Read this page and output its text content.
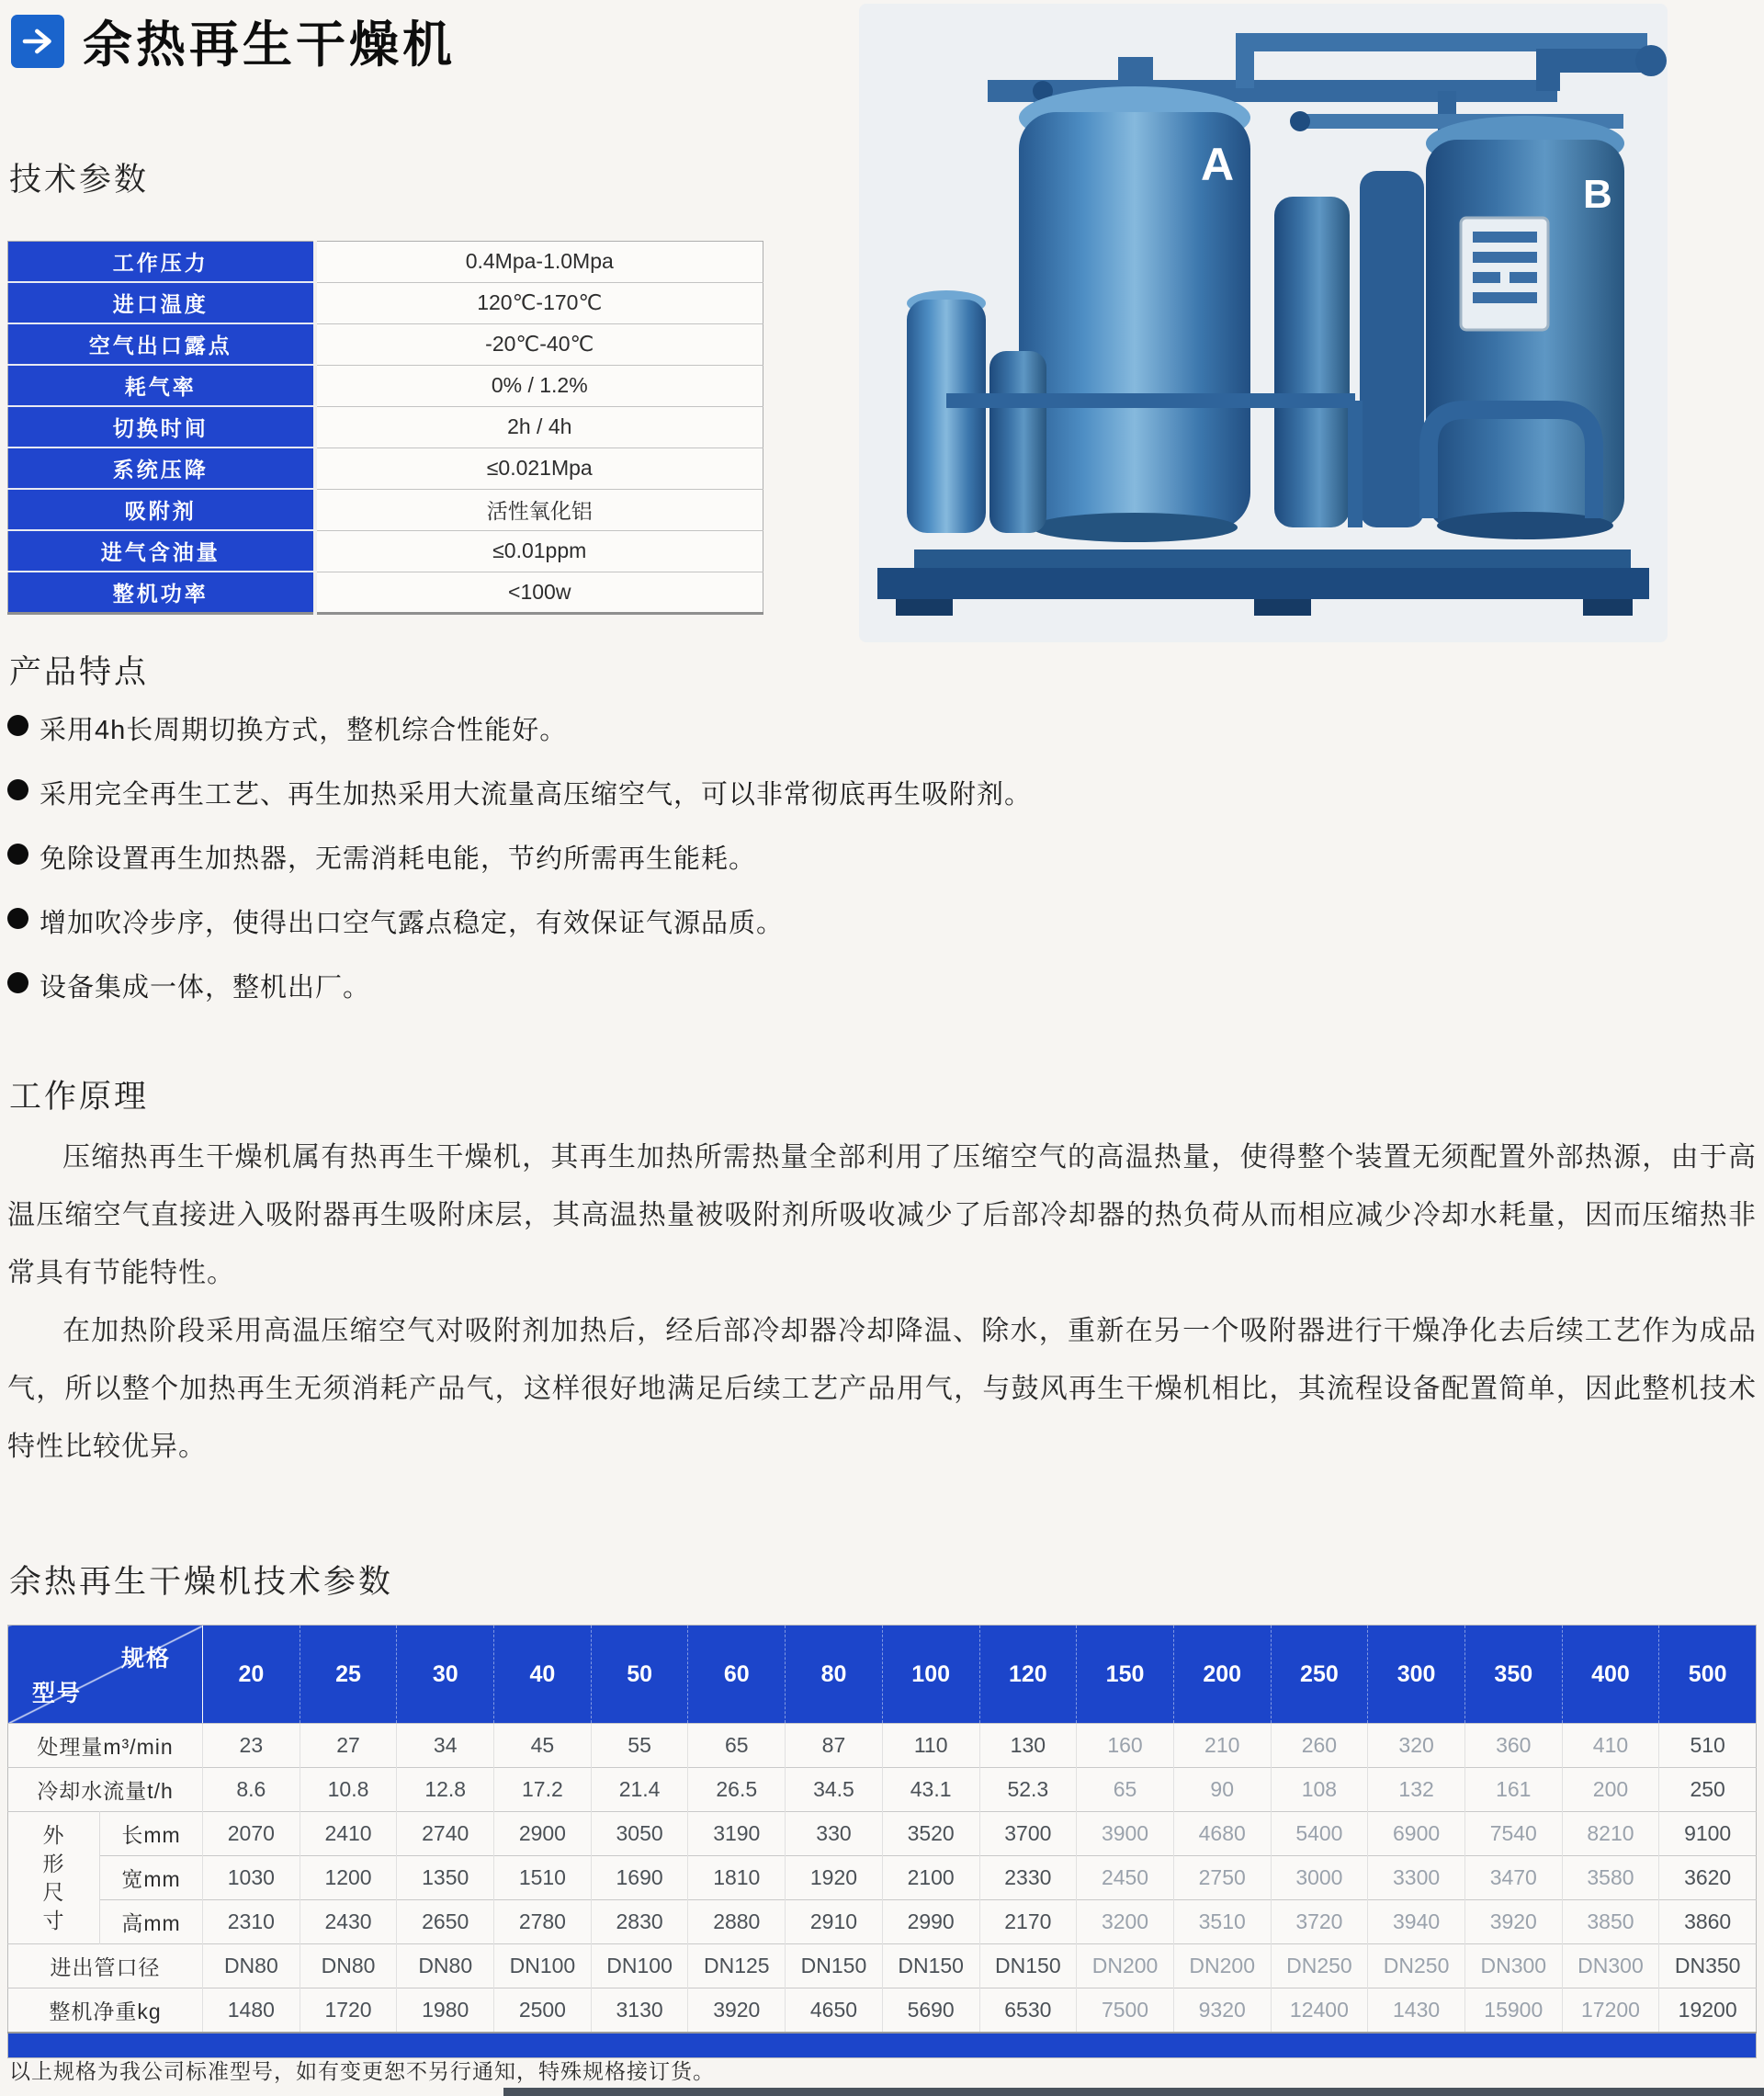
余热再生干燥机
技术参数
工作压力	0.4Mpa-1.0Mpa
进口温度	120℃-170℃
空气出口露点	-20℃-40℃
耗气率	0% / 1.2%
切换时间	2h / 4h
系统压降	≤0.021Mpa
吸附剂	活性氧化铝
进气含油量	≤0.01ppm
整机功率	<100w
A
B
产品特点
采用4h长周期切换方式，整机综合性能好。
采用完全再生工艺、再生加热采用大流量高压缩空气，可以非常彻底再生吸附剂。
免除设置再生加热器，无需消耗电能，节约所需再生能耗。
增加吹冷步序，使得出口空气露点稳定，有效保证气源品质。
设备集成一体，整机出厂。
工作原理

压缩热再生干燥机属有热再生干燥机，其再生加热所需热量全部利用了压缩空气的高温热量，使得整个装置无须配置外部热源，由于高温压缩空气直接进入吸附器再生吸附床层，其高温热量被吸附剂所吸收减少了后部冷却器的热负荷从而相应减少冷却水耗量，因而压缩热非常具有节能特性。

在加热阶段采用高温压缩空气对吸附剂加热后，经后部冷却器冷却降温、除水，重新在另一个吸附器进行干燥净化去后续工艺作为成品气，所以整个加热再生无须消耗产品气，这样很好地满足后续工艺产品用气，与鼓风再生干燥机相比，其流程设备配置简单，因此整机技术特性比较优异。

余热再生干燥机技术参数
规格
型号		20	25	30	40	50	60	80	100	120	150	200	250	300	350	400	500
处理量m³/min		23	27	34	45	55	65	87	110	130	160	210	260	320	360	410	510
冷却水流量t/h		8.6	10.8	12.8	17.2	21.4	26.5	34.5	43.1	52.3	65	90	108	132	161	200	250
外形尺寸	长mm	2070	2410	2740	2900	3050	3190	330	3520	3700	3900	4680	5400	6900	7540	8210	9100
	宽mm	1030	1200	1350	1510	1690	1810	1920	2100	2330	2450	2750	3000	3300	3470	3580	3620
	高mm	2310	2430	2650	2780	2830	2880	2910	2990	2170	3200	3510	3720	3940	3920	3850	3860
进出管口径		DN80	DN80	DN80	DN100	DN100	DN125	DN150	DN150	DN150	DN200	DN200	DN250	DN250	DN300	DN300	DN350
整机净重kg		1480	1720	1980	2500	3130	3920	4650	5690	6530	7500	9320	12400	1430	15900	17200	19200

以上规格为我公司标准型号，如有变更恕不另行通知，特殊规格接订货。
